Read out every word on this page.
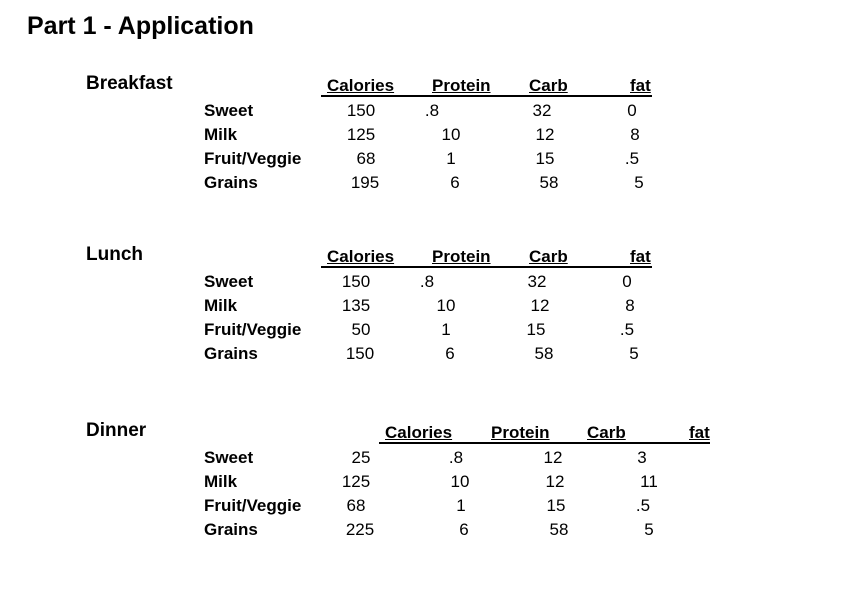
Part 1 - Application
Breakfast	Calories Protein Carb	fat
Sweet	150	.8	32	0
Milk	125	10	12	8
Fruit/Veggie	68	1	15	.5
Grains	195	6	58	5
Lunch	Calories Protein Carb	fat
Sweet	150	.8	32	0
Milk	135	10	12	8
Fruit/Veggie	50	1	15	.5
Grains	150	6	58	5
Dinner	Calories Protein Carb	fat
Sweet	25	.8	12	3
Milk	125	10	12	11
Fruit/Veggie	68	1	15	.5
Grains	225	6	58	5
